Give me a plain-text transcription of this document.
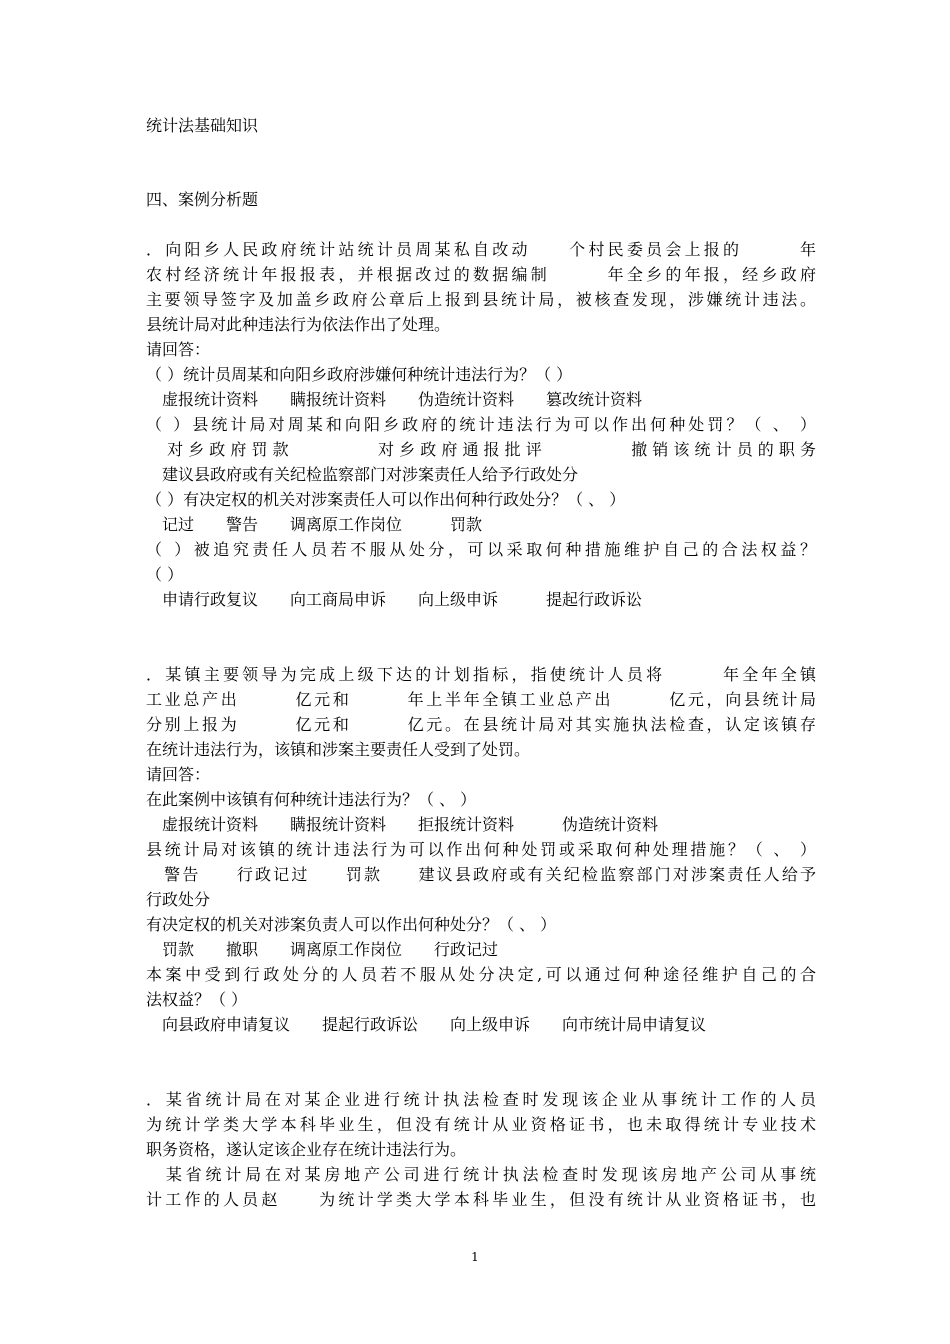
统计法基础知识
四、案例分析题
．向阳乡人民政府统计站统计员周某私自改动　　个村民委员会上报的　　　年
农村经济统计年报报表，并根据改过的数据编制　　　年全乡的年报，经乡政府
主要领导签字及加盖乡政府公章后上报到县统计局，被核查发现，涉嫌统计违法。
县统计局对此种违法行为依法作出了处理。
请回答：
（ ）统计员周某和向阳乡政府涉嫌何种统计违法行为？（ ）
　虚报统计资料　　瞒报统计资料　　伪造统计资料　　篡改统计资料
（ ）县统计局对周某和向阳乡政府的统计违法行为可以作出何种处罚？（ 、 ）
　对乡政府罚款　　　　对乡政府通报批评　　　　撤销该统计员的职务
　建议县政府或有关纪检监察部门对涉案责任人给予行政处分
（ ）有决定权的机关对涉案责任人可以作出何种行政处分？（ 、 ）
　记过　　警告　　调离原工作岗位　　　罚款
（ ）被追究责任人员若不服从处分，可以采取何种措施维护自己的合法权益？
（ ）
　申请行政复议　　向工商局申诉　　向上级申诉　　　提起行政诉讼
．某镇主要领导为完成上级下达的计划指标，指使统计人员将　　　年全年全镇
工业总产出　　　亿元和　　　年上半年全镇工业总产出　　　亿元，向县统计局
分别上报为　　　亿元和　　　亿元。在县统计局对其实施执法检查，认定该镇存
在统计违法行为，该镇和涉案主要责任人受到了处罚。
请回答：
在此案例中该镇有何种统计违法行为？（ 、 ）
　虚报统计资料　　瞒报统计资料　　拒报统计资料　　　伪造统计资料
县统计局对该镇的统计违法行为可以作出何种处罚或采取何种处理措施？（ 、 ）
　警告　　行政记过　　罚款　　建议县政府或有关纪检监察部门对涉案责任人给予
行政处分
有决定权的机关对涉案负责人可以作出何种处分？（ 、 ）
　罚款　　撤职　　调离原工作岗位　　行政记过
本案中受到行政处分的人员若不服从处分决定,可以通过何种途径维护自己的合
法权益？（ ）
　向县政府申请复议　　提起行政诉讼　　向上级申诉　　向市统计局申请复议
．某省统计局在对某企业进行统计执法检查时发现该企业从事统计工作的人员
为统计学类大学本科毕业生，但没有统计从业资格证书，也未取得统计专业技术
职务资格，遂认定该企业存在统计违法行为。
　某省统计局在对某房地产公司进行统计执法检查时发现该房地产公司从事统
计工作的人员赵　　为统计学类大学本科毕业生，但没有统计从业资格证书，也
1
